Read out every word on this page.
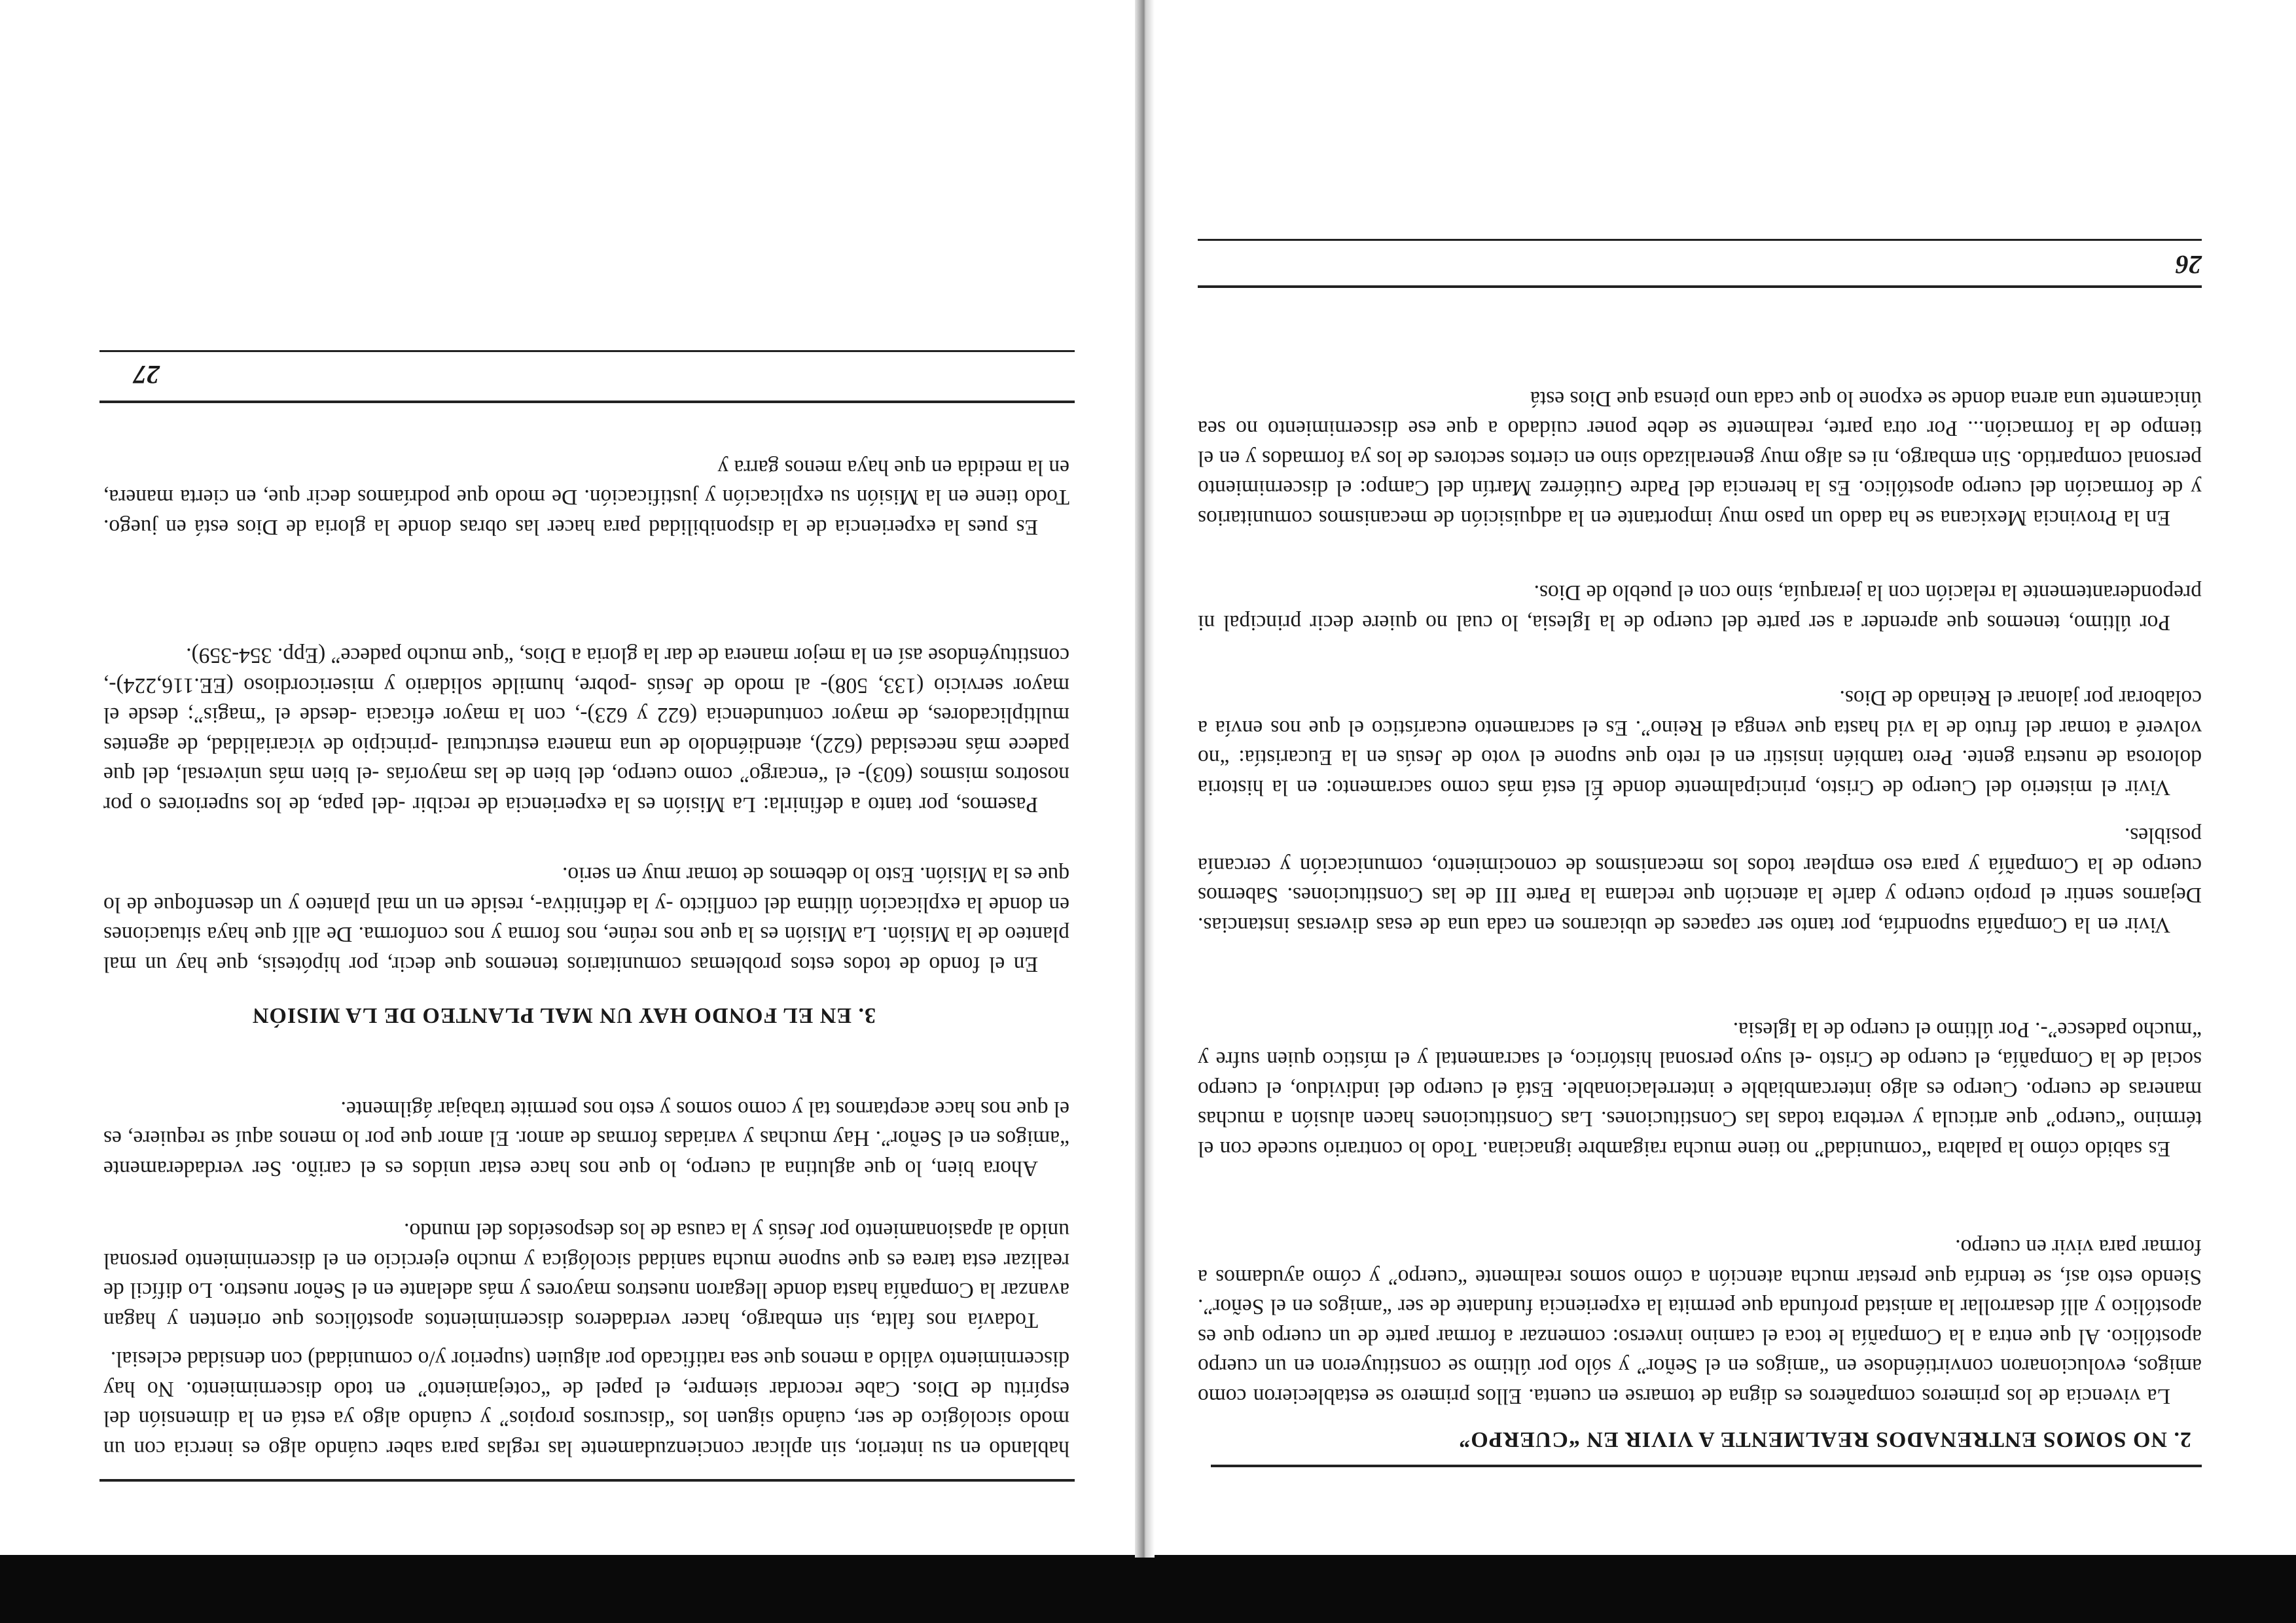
2. NO SOMOS ENTRENADOS REALMENTE A VIVIR EN “CUERPO”

La vivencia de los primeros compañeros es digna de tomarse en cuenta. Ellos primero se establecieron como amigos, evolucionaron convirtiéndose en “amigos en el Señor” y sólo por último se constituyeron en un cuerpo apostólico. Al que entra a la Compañía le toca el camino inverso: comenzar a formar parte de un cuerpo que es apostólico y allí desarrollar la amistad profunda que permita la experiencia fundante de ser “amigos en el Señor”. Siendo esto así, se tendría que prestar mucha atención a cómo somos realmente “cuerpo” y cómo ayudamos a formar para vivir en cuerpo.

Es sabido cómo la palabra “comunidad” no tiene mucha raigambre ignaciana. Todo lo contrario sucede con el término “cuerpo” que articula y vertebra todas las Constituciones. Las Constituciones hacen alusión a muchas maneras de cuerpo. Cuerpo es algo intercambiable e interrelacionable. Está el cuerpo del individuo, el cuerpo social de la Compañía, el cuerpo de Cristo -el suyo personal histórico, el sacramental y el místico quien sufre y “mucho padesce”-. Por último el cuerpo de la Iglesia.

Vivir en la Compañía supondría, por tanto ser capaces de ubicarnos en cada una de esas diversas instancias. Dejarnos sentir el propio cuerpo y darle la atención que reclama la Parte III de las Constituciones. Sabernos cuerpo de la Compañía y para eso emplear todos los mecanismos de conocimiento, comunicación y cercanía posibles.

Vivir el misterio del Cuerpo de Cristo, principalmente donde Él está más como sacramento: en la historia dolorosa de nuestra gente. Pero también insistir en el reto que supone el voto de Jesús en la Eucaristía: “no volveré a tomar del fruto de la vid hasta que venga el Reino”. Es el sacramento eucarístico el que nos envía a colaborar por jalonar el Reinado de Dios.

Por último, tenemos que aprender a ser parte del cuerpo de la Iglesia, lo cual no quiere decir principal ni preponderantemente la relación con la jerarquía, sino con el pueblo de Dios.

En la Provincia Mexicana se ha dado un paso muy importante en la adquisición de mecanismos comunitarios y de formación del cuerpo apostólico. Es la herencia del Padre Gutiérrez Martín del Campo: el discernimiento personal compartido. Sin embargo, ni es algo muy generalizado sino en ciertos sectores de los ya formados y en el tiempo de la formación... Por otra parte, realmente se debe poner cuidado a que ese discernimiento no sea únicamente una arena donde se expone lo que cada uno piensa que Dios está

26

hablando en su interior, sin aplicar concienzudamente las reglas para saber cuándo algo es inercia con un modo sicológico de ser, cuándo siguen los “discursos propios” y cuándo algo ya está en la dimensión del espíritu de Dios. Cabe recordar siempre, el papel de “cotejamiento” en todo discernimiento. No hay discernimiento válido a menos que sea ratificado por alguien (superior y/o comunidad) con densidad eclesial.

Todavía nos falta, sin embargo, hacer verdaderos discernimientos apostólicos que orienten y hagan avanzar la Compañía hasta donde llegaron nuestros mayores y más adelante en el Señor nuestro. Lo difícil de realizar esta tarea es que supone mucha sanidad sicológica y mucho ejercicio en el discernimiento personal unido al apasionamiento por Jesús y la causa de los desposeídos del mundo.

Ahora bien, lo que aglutina al cuerpo, lo que nos hace estar unidos es el cariño. Ser verdaderamente “amigos en el Señor”. Hay muchas y variadas formas de amor. El amor que por lo menos aquí se requiere, es el que nos hace aceptarnos tal y como somos y esto nos permite trabajar ágilmente.

3. EN EL FONDO HAY UN MAL PLANTEO DE LA MISIÓN

En el fondo de todos estos problemas comunitarios tenemos que decir, por hipótesis, que hay un mal planteo de la Misión. La Misión es la que nos reúne, nos forma y nos conforma. De allí que haya situaciones en donde la explicación última del conflicto -y la definitiva-, reside en un mal planteo y un desenfoque de lo que es la Misión. Esto lo debemos de tomar muy en serio.

Pasemos, por tanto a definirla: La Misión es la experiencia de recibir -del papa, de los superiores o por nosotros mismos (603)- el “encargo” como cuerpo, del bien de las mayorías -el bien más universal, del que padece más necesidad (622), atendiéndolo de una manera estructural -principio de vicarialidad, de agentes multiplicadores, de mayor contundencia (622 y 623)-, con la mayor eficacia -desde el “magis”; desde el mayor servicio (133, 508)- al modo de Jesús -pobre, humilde solidario y misericordioso (EE.116,224)-, constituyéndose así en la mejor manera de dar la gloria a Dios, “que mucho padece” (Epp. 354-359).

Es pues la experiencia de la disponibilidad para hacer las obras donde la gloria de Dios está en juego. Todo tiene en la Misión su explicación y justificación. De modo que podríamos decir que, en cierta manera, en la medida en que haya menos garra y

27
